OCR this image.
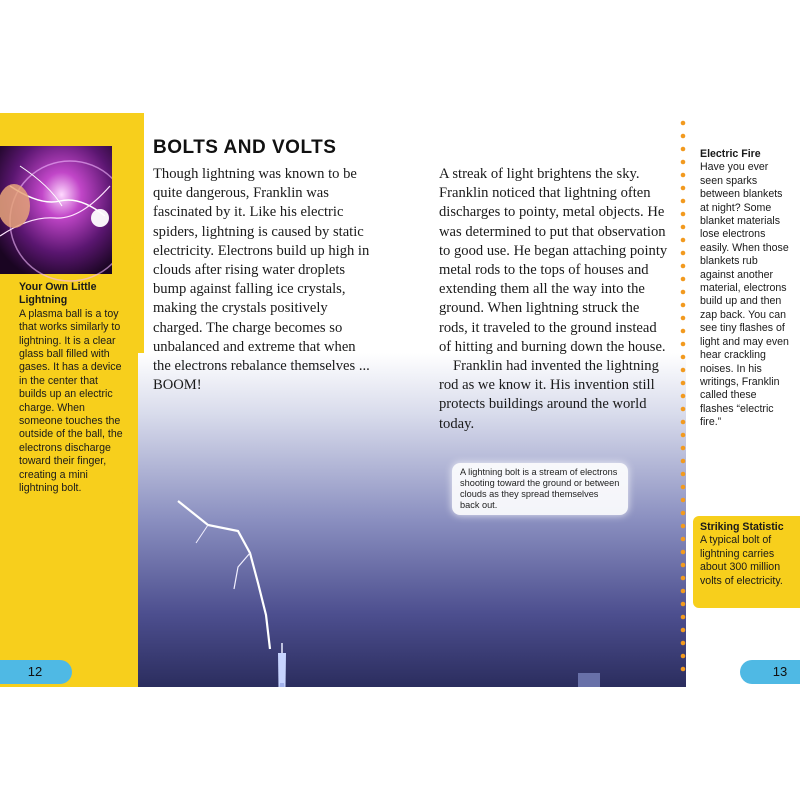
Your Own Little Lightning
A plasma ball is a toy that works similarly to lightning. It is a clear glass ball filled with gases. It has a device in the center that builds up an electric charge. When someone touches the outside of the ball, the electrons discharge toward their finger, creating a mini lightning bolt.
12
BOLTS AND VOLTS
Though lightning was known to be quite dangerous, Franklin was fascinated by it. Like his electric spiders, lightning is caused by static electricity. Electrons build up high in clouds after rising water droplets bump against falling ice crystals, making the crystals positively charged. The charge becomes so unbalanced and extreme that when the electrons rebalance themselves ... BOOM!
A streak of light brightens the sky. Franklin noticed that lightning often discharges to pointy, metal objects. He was determined to put that observation to good use. He began attaching pointy metal rods to the tops of houses and extending them all the way into the ground. When lightning struck the rods, it traveled to the ground instead of hitting and burning down the house.
Franklin had invented the lightning rod as we know it. His invention still protects buildings around the world today.
A lightning bolt is a stream of electrons shooting toward the ground or between clouds as they spread themselves back out.
Electric Fire
Have you ever seen sparks between blankets at night? Some blanket materials lose electrons easily. When those blankets rub against another material, electrons build up and then zap back. You can see tiny flashes of light and may even hear crackling noises. In his writings, Franklin called these flashes “electric fire.”
Striking Statistic
A typical bolt of lightning carries about 300 million volts of electricity.
13
